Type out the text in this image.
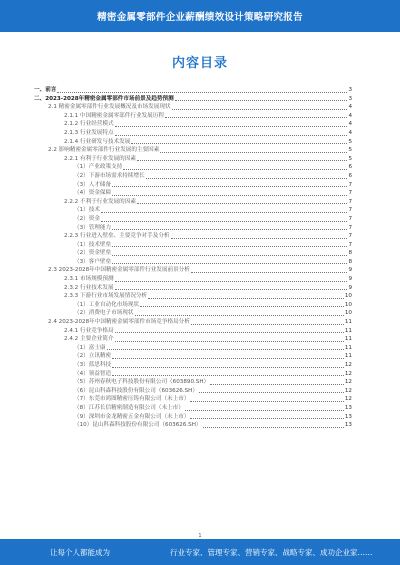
精密金属零部件企业薪酬绩效设计策略研究报告
内容目录
一、前言	3
二、2023-2028年精密金属零部件市场前景及趋势预测	3
2.1 精密金属零部件行业发展概况及市场发展现状	4
2.1.1 中国精密金属零部件行业发展历程	4
2.1.2 行业经营模式	4
2.1.3 行业发展特点	4
2.1.4 行业研发与技术发展	5
2.2 影响精密金属零部件行业发展的主要因素	5
2.2.1 有利于行业发展的因素	5
（1）产业政策支持	6
（2）下游市场需求持续增长	6
（3）人才储备	7
（4）资金保障	7
2.2.2 不利于行业发展的因素	7
（1）技术	7
（2）资金	7
（3）管理能力	7
2.2.3 行业进入壁垒、主要竞争对手及分析	7
（1）技术壁垒	7
（2）资金壁垒	8
（3）客户壁垒	8
2.3 2023-2028年中国精密金属零部件行业发展前景分析	9
2.3.1 市场规模预测	9
2.3.2 行业技术发展	9
2.3.3 下游行业市场发展情况分析	10
（1）工业自动化市场现状	10
（2）消费电子市场现状	10
2.4 2023-2028年中国精密金属零部件市场竞争格局分析	11
2.4.1 行业竞争格局	11
2.4.2 主要企业简介	11
（1）富士康	11
（2）立讯精密	11
（3）蓝思科技	12
（4）领益智造	12
（5）苏州春秋电子科技股份有限公司（603890.SH）	12
（6）昆山科森科技股份有限公司（603626.SH）	12
（7）东莞市鸿图精密压铸有限公司（未上市）	12
（8）江苏长信精密制造有限公司（未上市）	13
（9）深圳市金龙精密五金有限公司（未上市）	13
（10）昆山科森科技股份有限公司（603626.SH）	13
1
让每个人都能成为	行业专家、管理专家、营销专家、战略专家、成功企业家……
